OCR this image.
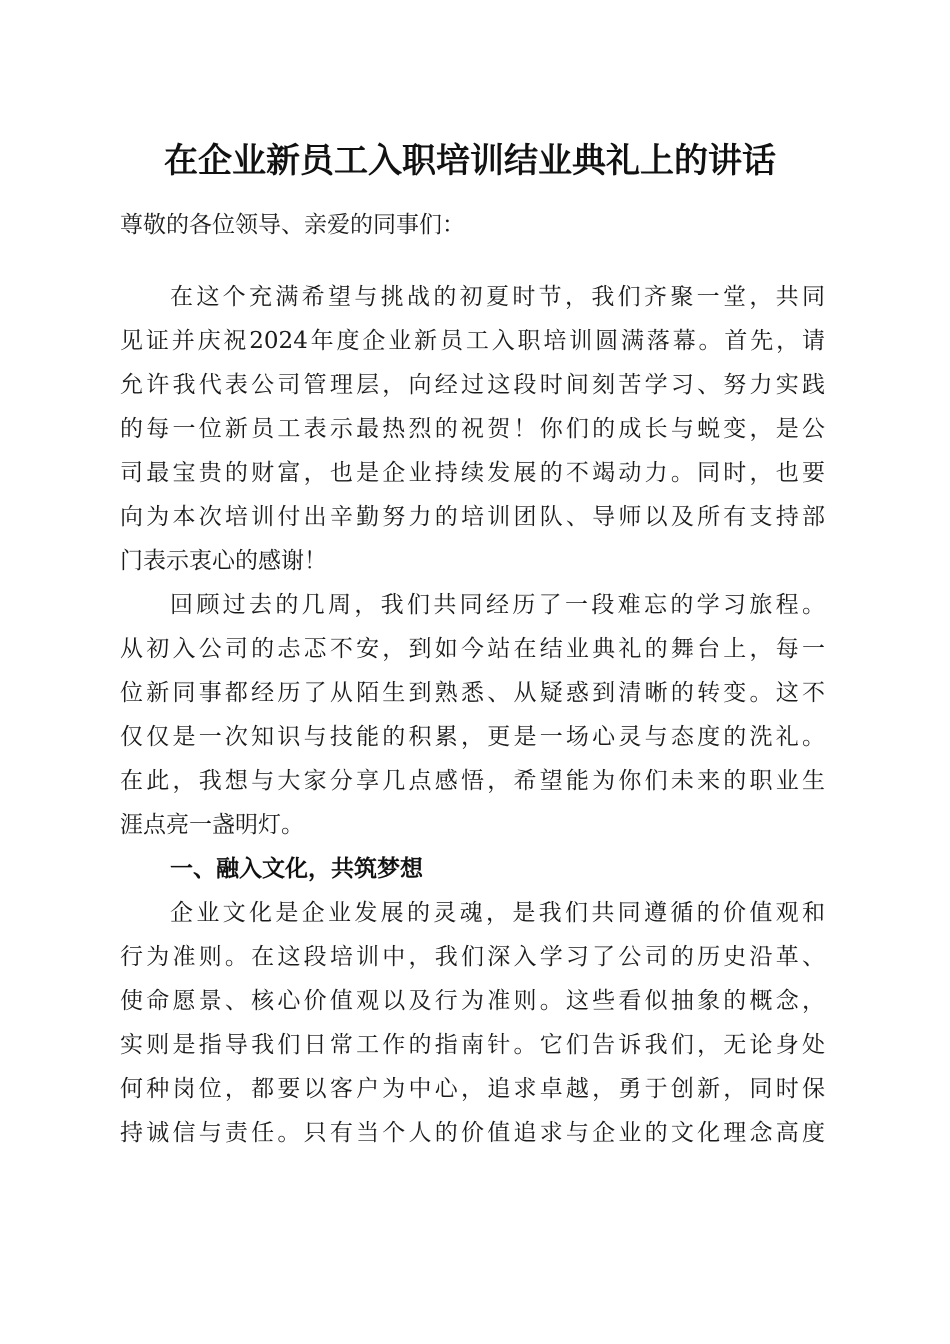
在企业新员工入职培训结业典礼上的讲话
尊敬的各位领导、亲爱的同事们：
在这个充满希望与挑战的初夏时节，我们齐聚一堂，共同
见证并庆祝2024年度企业新员工入职培训圆满落幕。首先，请
允许我代表公司管理层，向经过这段时间刻苦学习、努力实践
的每一位新员工表示最热烈的祝贺！你们的成长与蜕变，是公
司最宝贵的财富，也是企业持续发展的不竭动力。同时，也要
向为本次培训付出辛勤努力的培训团队、导师以及所有支持部
门表示衷心的感谢！
回顾过去的几周，我们共同经历了一段难忘的学习旅程。
从初入公司的忐忑不安，到如今站在结业典礼的舞台上，每一
位新同事都经历了从陌生到熟悉、从疑惑到清晰的转变。这不
仅仅是一次知识与技能的积累，更是一场心灵与态度的洗礼。
在此，我想与大家分享几点感悟，希望能为你们未来的职业生
涯点亮一盏明灯。
一、融入文化，共筑梦想
企业文化是企业发展的灵魂，是我们共同遵循的价值观和
行为准则。在这段培训中，我们深入学习了公司的历史沿革、
使命愿景、核心价值观以及行为准则。这些看似抽象的概念，
实则是指导我们日常工作的指南针。它们告诉我们，无论身处
何种岗位，都要以客户为中心，追求卓越，勇于创新，同时保
持诚信与责任。只有当个人的价值追求与企业的文化理念高度
